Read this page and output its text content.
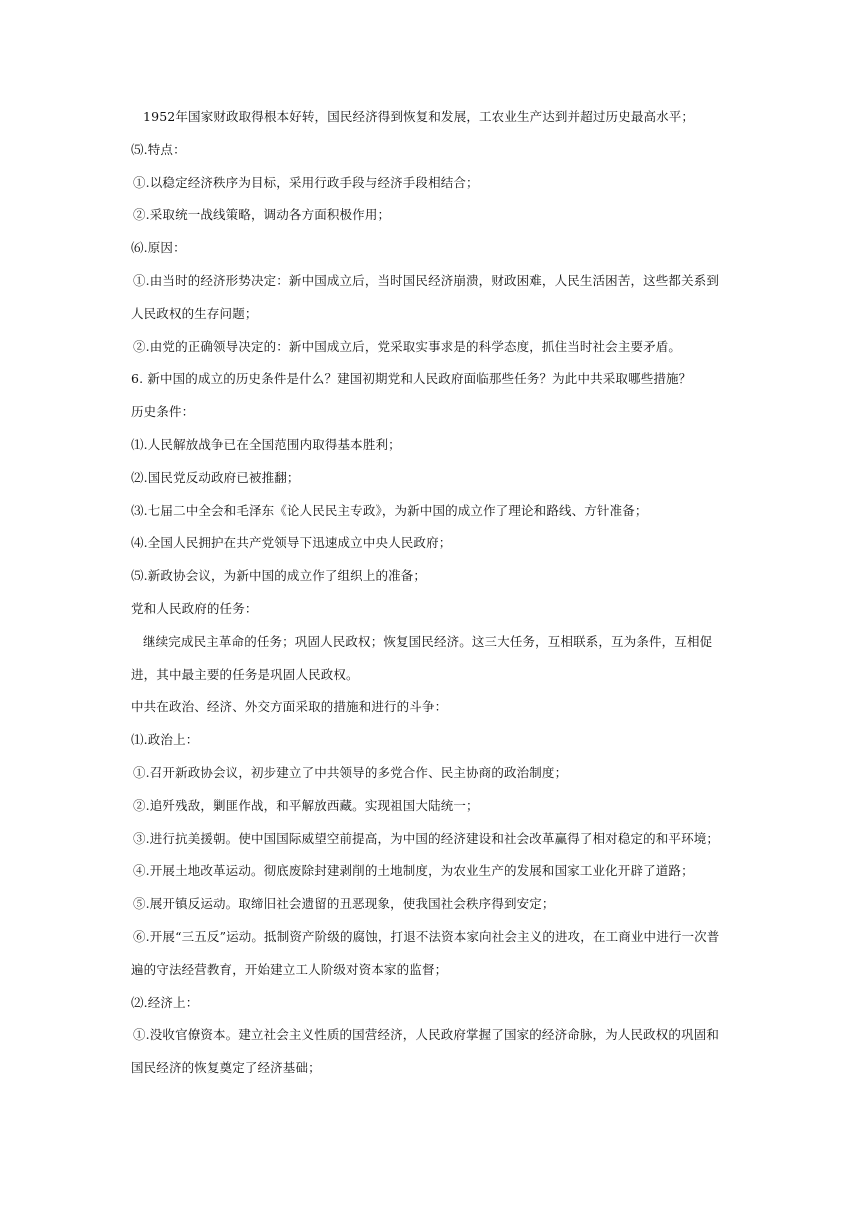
1952年国家财政取得根本好转，国民经济得到恢复和发展，工农业生产达到并超过历史最高水平；
⑸.特点：
①.以稳定经济秩序为目标，采用行政手段与经济手段相结合；
②.采取统一战线策略，调动各方面积极作用；
⑹.原因：
①.由当时的经济形势决定：新中国成立后，当时国民经济崩溃，财政困难，人民生活困苦，这些都关系到
人民政权的生存问题；
②.由党的正确领导决定的：新中国成立后，党采取实事求是的科学态度，抓住当时社会主要矛盾。
6. 新中国的成立的历史条件是什么？建国初期党和人民政府面临那些任务？为此中共采取哪些措施？
历史条件：
⑴.人民解放战争已在全国范围内取得基本胜利；
⑵.国民党反动政府已被推翻；
⑶.七届二中全会和毛泽东《论人民民主专政》，为新中国的成立作了理论和路线、方针准备；
⑷.全国人民拥护在共产党领导下迅速成立中央人民政府；
⑸.新政协会议，为新中国的成立作了组织上的准备；
党和人民政府的任务：
继续完成民主革命的任务；巩固人民政权；恢复国民经济。这三大任务，互相联系，互为条件，互相促
进，其中最主要的任务是巩固人民政权。
中共在政治、经济、外交方面采取的措施和进行的斗争：
⑴.政治上：
①.召开新政协会议，初步建立了中共领导的多党合作、民主协商的政治制度；
②.追歼残敌，剿匪作战，和平解放西藏。实现祖国大陆统一；
③.进行抗美援朝。使中国国际威望空前提高，为中国的经济建设和社会改革赢得了相对稳定的和平环境；
④.开展土地改革运动。彻底废除封建剥削的土地制度，为农业生产的发展和国家工业化开辟了道路；
⑤.展开镇反运动。取缔旧社会遗留的丑恶现象，使我国社会秩序得到安定；
⑥.开展“三五反”运动。抵制资产阶级的腐蚀，打退不法资本家向社会主义的进攻，在工商业中进行一次普
遍的守法经营教育，开始建立工人阶级对资本家的监督；
⑵.经济上：
①.没收官僚资本。建立社会主义性质的国营经济，人民政府掌握了国家的经济命脉，为人民政权的巩固和
国民经济的恢复奠定了经济基础；
